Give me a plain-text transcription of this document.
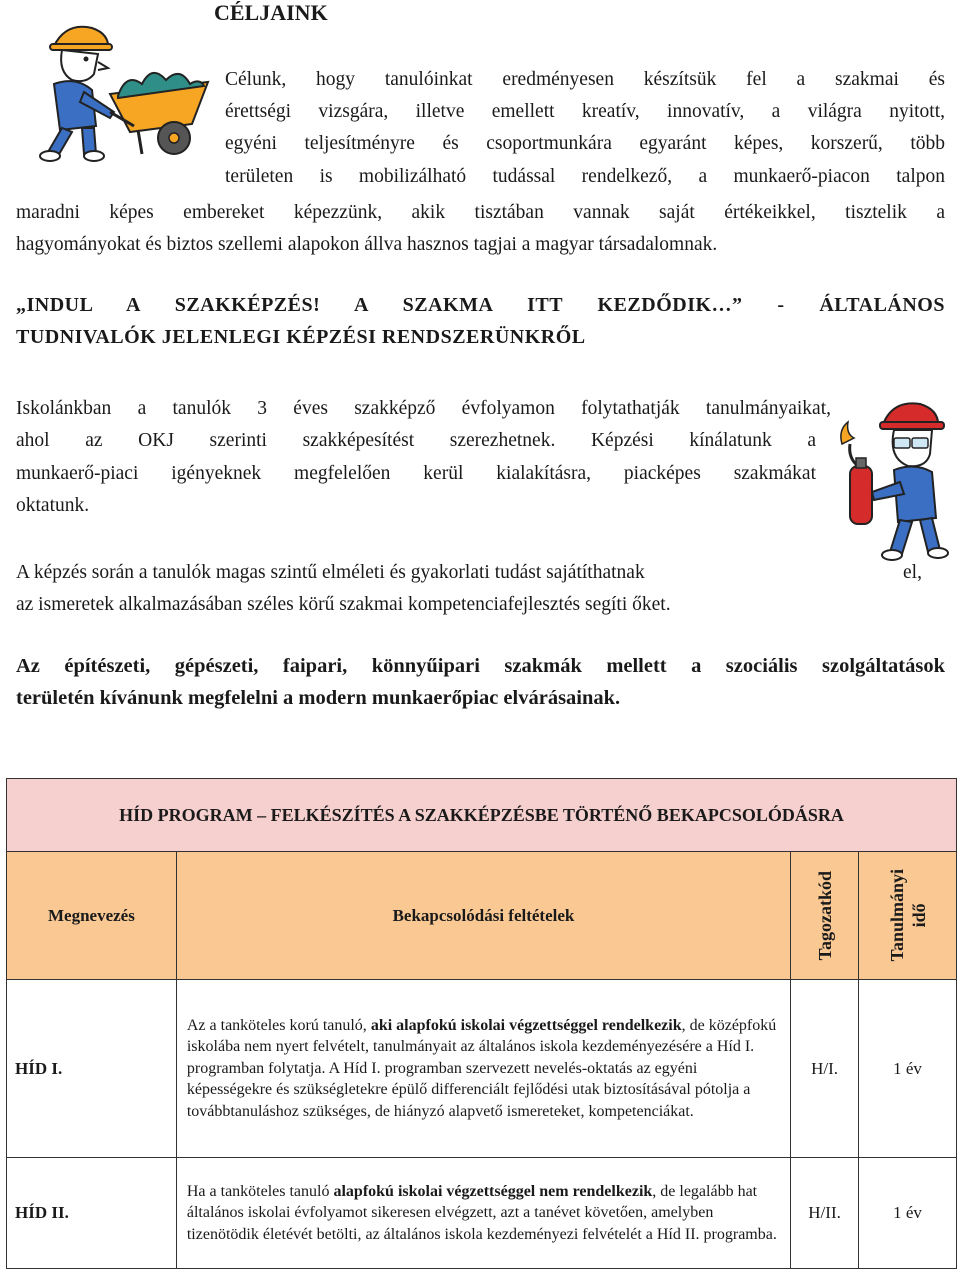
CÉLJAINK
Célunk, hogy tanulóinkat eredményesen készítsük fel a szakmai és
érettségi vizsgára, illetve emellett kreatív, innovatív, a világra nyitott,
egyéni teljesítményre és csoportmunkára egyaránt képes, korszerű, több
területen is mobilizálható tudással rendelkező, a munkaerő-piacon talpon
maradni képes embereket képezzünk, akik tisztában vannak saját értékeikkel, tisztelik a
hagyományokat és biztos szellemi alapokon állva hasznos tagjai a magyar társadalomnak.
„INDUL A SZAKKÉPZÉS! A SZAKMA ITT KEZDŐDIK…” - ÁLTALÁNOS
TUDNIVALÓK JELENLEGI KÉPZÉSI RENDSZERÜNKRŐL
Iskolánkban a tanulók 3 éves szakképző évfolyamon folytathatják tanulmányaikat,
ahol az OKJ szerinti szakképesítést szerezhetnek. Képzési kínálatunk a
munkaerő-piaci igényeknek megfelelően kerül kialakításra, piacképes szakmákat
oktatunk.
A képzés során a tanulók magas szintű elméleti és gyakorlati tudást sajátíthatnak	el,
az ismeretek alkalmazásában széles körű szakmai kompetenciafejlesztés segíti őket.
Az építészeti, gépészeti, faipari, könnyűipari szakmák mellett a szociális szolgáltatások
területén kívánunk megfelelni a modern munkaerőpiac elvárásainak.
HÍD PROGRAM – FELKÉSZÍTÉS A SZAKKÉPZÉSBE TÖRTÉNŐ BEKAPCSOLÓDÁSRA			
Megnevezés	Bekapcsolódási feltételek	Tagozatkód	Tanulmányi idő

HÍD I.	Az a tanköteles korú tanuló, aki alapfokú iskolai végzettséggel rendelkezik, de középfokú iskolába nem nyert felvételt, tanulmányait az általános iskola kezdeményezésére a Híd I. programban folytatja. A Híd I. programban szervezett nevelés-oktatás az egyéni képességekre és szükségletekre épülő differenciált fejlődési utak biztosításával pótolja a továbbtanuláshoz szükséges, de hiányzó alapvető ismereteket, kompetenciákat.	H/I.	1 év
HÍD II.	Ha a tanköteles tanuló alapfokú iskolai végzettséggel nem rendelkezik, de legalább hat általános iskolai évfolyamot sikeresen elvégzett, azt a tanévet követően, amelyben tizenötödik életévét betölti, az általános iskola kezdeményezi felvételét a Híd II. programba.	H/II.	1 év
